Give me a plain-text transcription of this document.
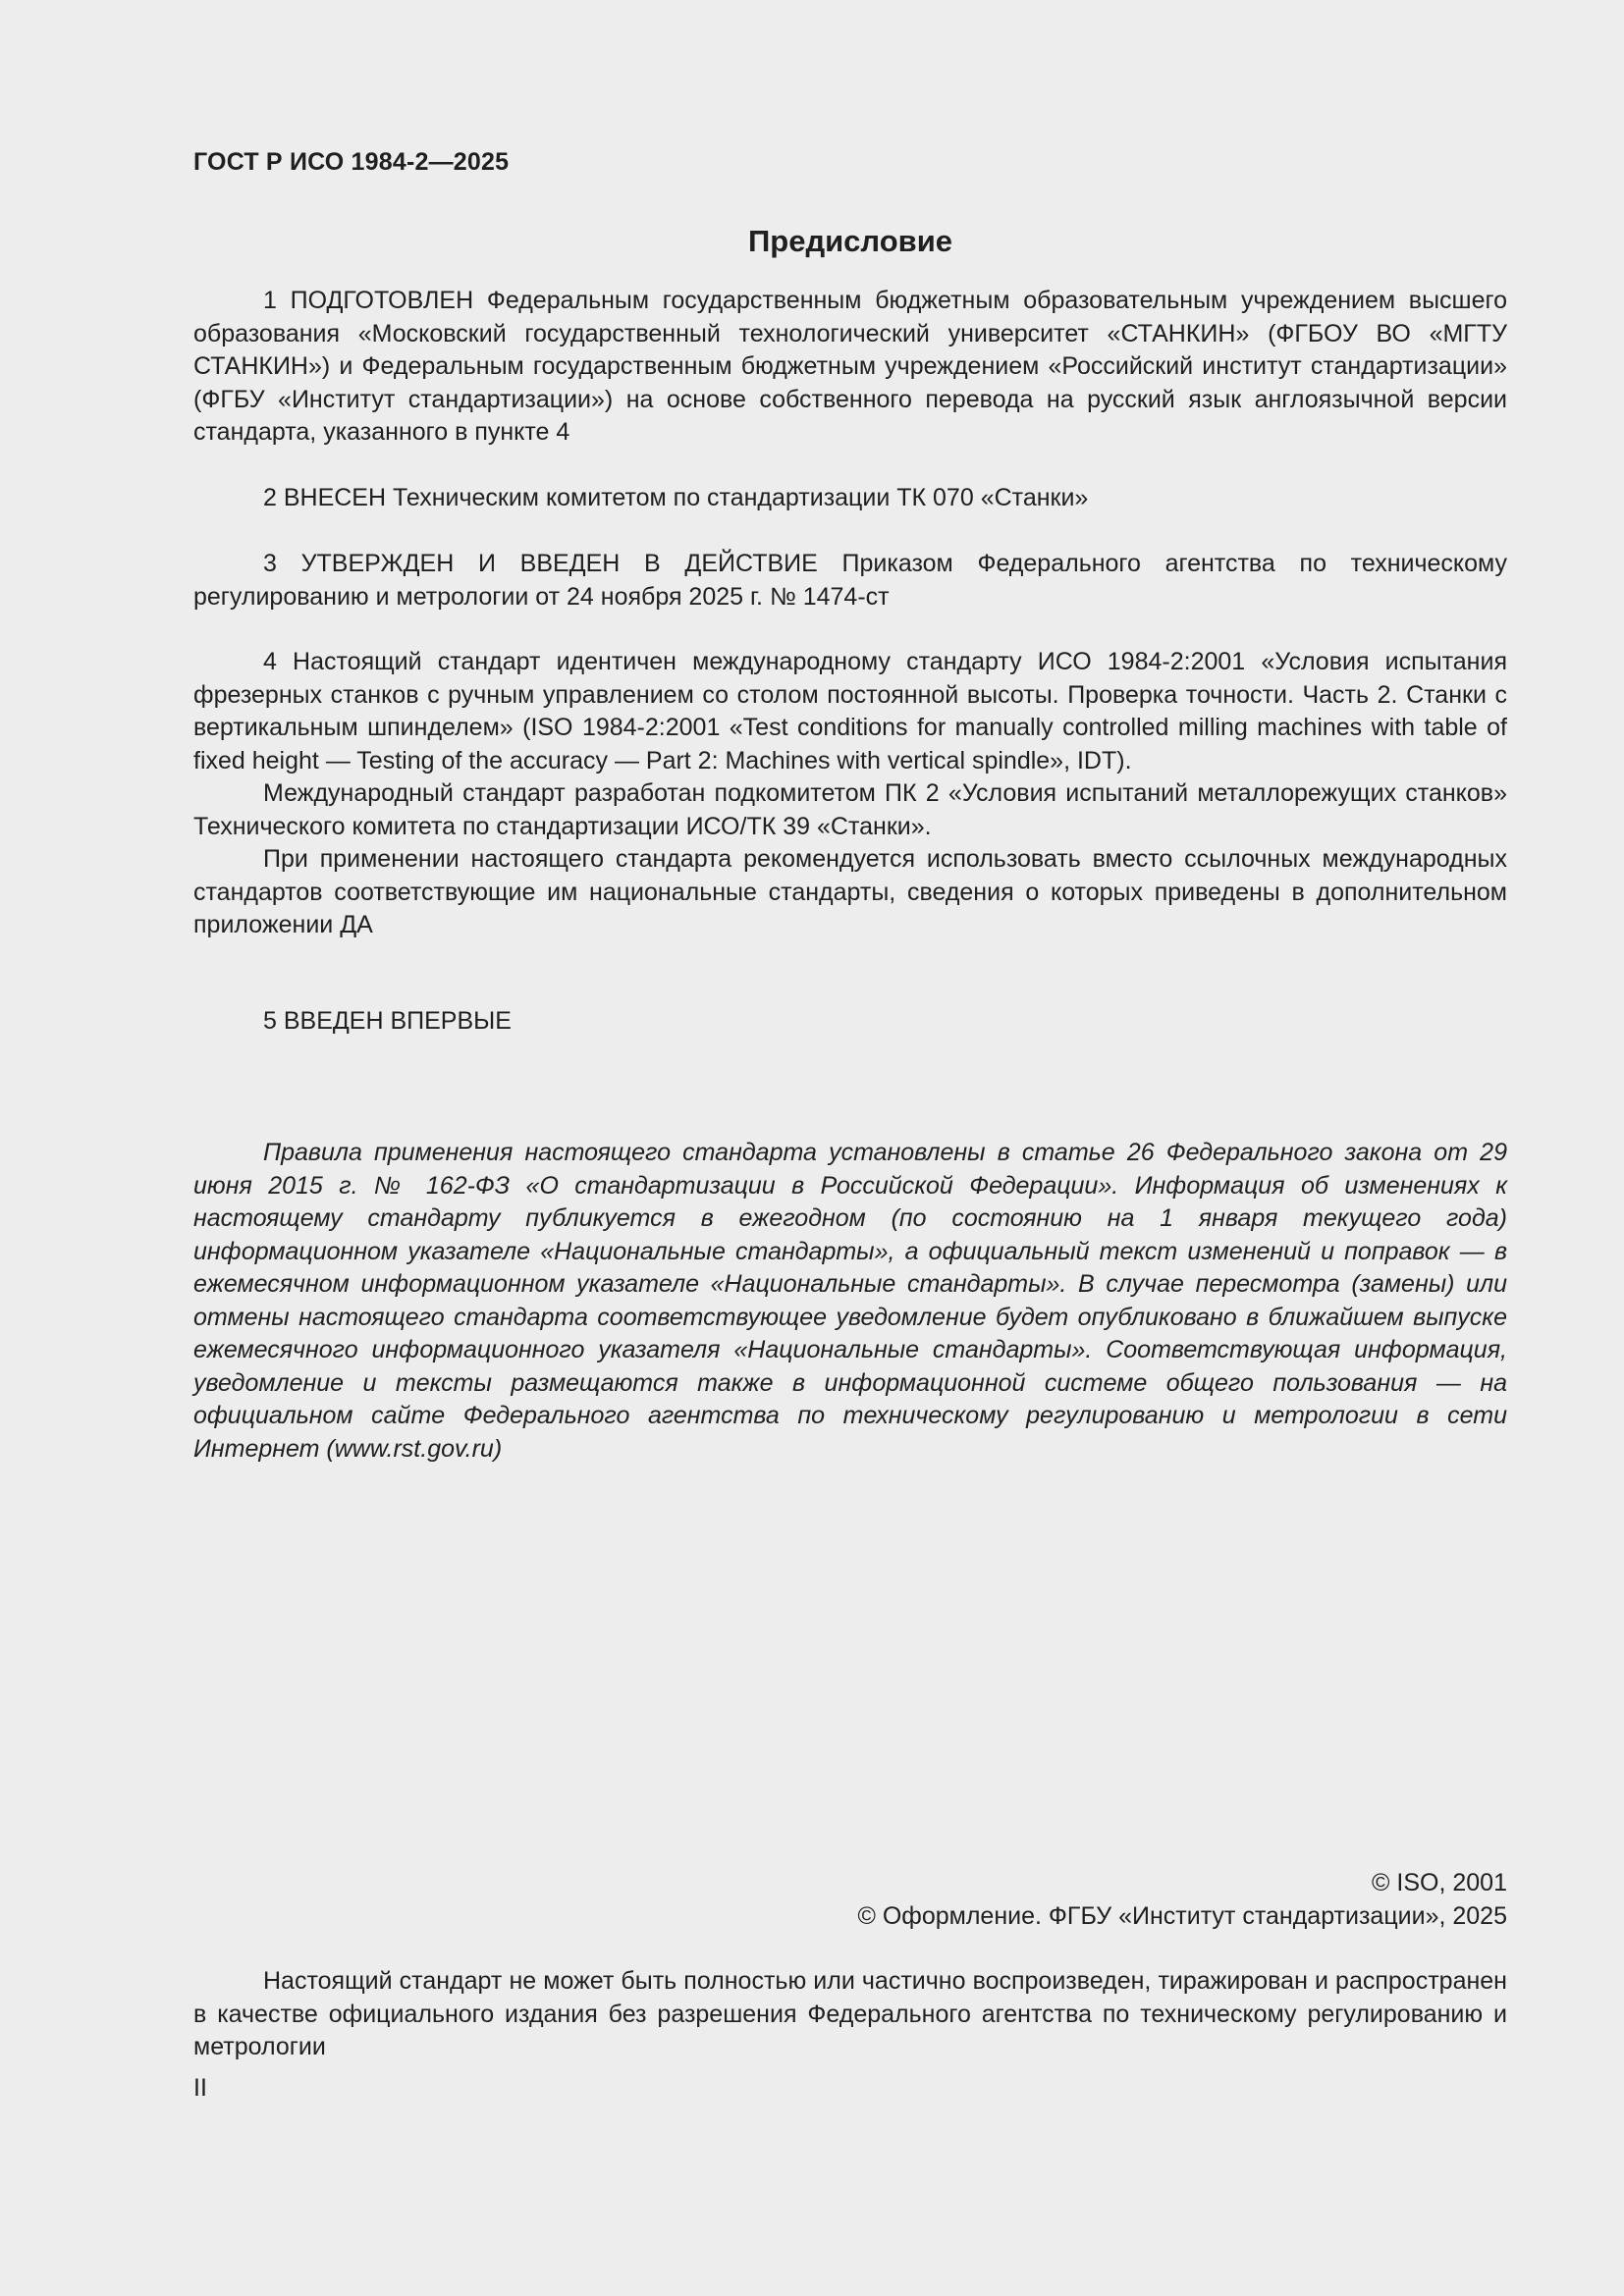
ГОСТ Р ИСО 1984-2—2025
Предисловие

1 ПОДГОТОВЛЕН Федеральным государственным бюджетным образовательным учреждением высшего образования «Московский государственный технологический университет «СТАНКИН» (ФГБОУ ВО «МГТУ СТАНКИН») и Федеральным государственным бюджетным учреждением «Российский институт стандартизации» (ФГБУ «Институт стандартизации») на основе собственного перевода на русский язык англоязычной версии стандарта, указанного в пункте 4

2 ВНЕСЕН Техническим комитетом по стандартизации ТК 070 «Станки»

3 УТВЕРЖДЕН И ВВЕДЕН В ДЕЙСТВИЕ Приказом Федерального агентства по техническому регулированию и метрологии от 24 ноября 2025 г. № 1474-ст

4 Настоящий стандарт идентичен международному стандарту ИСО 1984-2:2001 «Условия испытания фрезерных станков с ручным управлением со столом постоянной высоты. Проверка точности. Часть 2. Станки с вертикальным шпинделем» (ISO 1984-2:2001 «Test conditions for manually controlled milling machines with table of fixed height — Testing of the accuracy — Part 2: Machines with vertical spindle», IDT).

Международный стандарт разработан подкомитетом ПК 2 «Условия испытаний металлорежущих станков» Технического комитета по стандартизации ИСО/ТК 39 «Станки».

При применении настоящего стандарта рекомендуется использовать вместо ссылочных международных стандартов соответствующие им национальные стандарты, сведения о которых приведены в дополнительном приложении ДА

5 ВВЕДЕН ВПЕРВЫЕ

Правила применения настоящего стандарта установлены в статье 26 Федерального закона от 29 июня 2015 г. № 162-ФЗ «О стандартизации в Российской Федерации». Информация об изменениях к настоящему стандарту публикуется в ежегодном (по состоянию на 1 января текущего года) информационном указателе «Национальные стандарты», а официальный текст изменений и поправок — в ежемесячном информационном указателе «Национальные стандарты». В случае пересмотра (замены) или отмены настоящего стандарта соответствующее уведомление будет опубликовано в ближайшем выпуске ежемесячного информационного указателя «Национальные стандарты». Соответствующая информация, уведомление и тексты размещаются также в информационной системе общего пользования — на официальном сайте Федерального агентства по техническому регулированию и метрологии в сети Интернет (www.rst.gov.ru)

© ISO, 2001
© Оформление. ФГБУ «Институт стандартизации», 2025

Настоящий стандарт не может быть полностью или частично воспроизведен, тиражирован и распространен в качестве официального издания без разрешения Федерального агентства по техническому регулированию и метрологии

II
